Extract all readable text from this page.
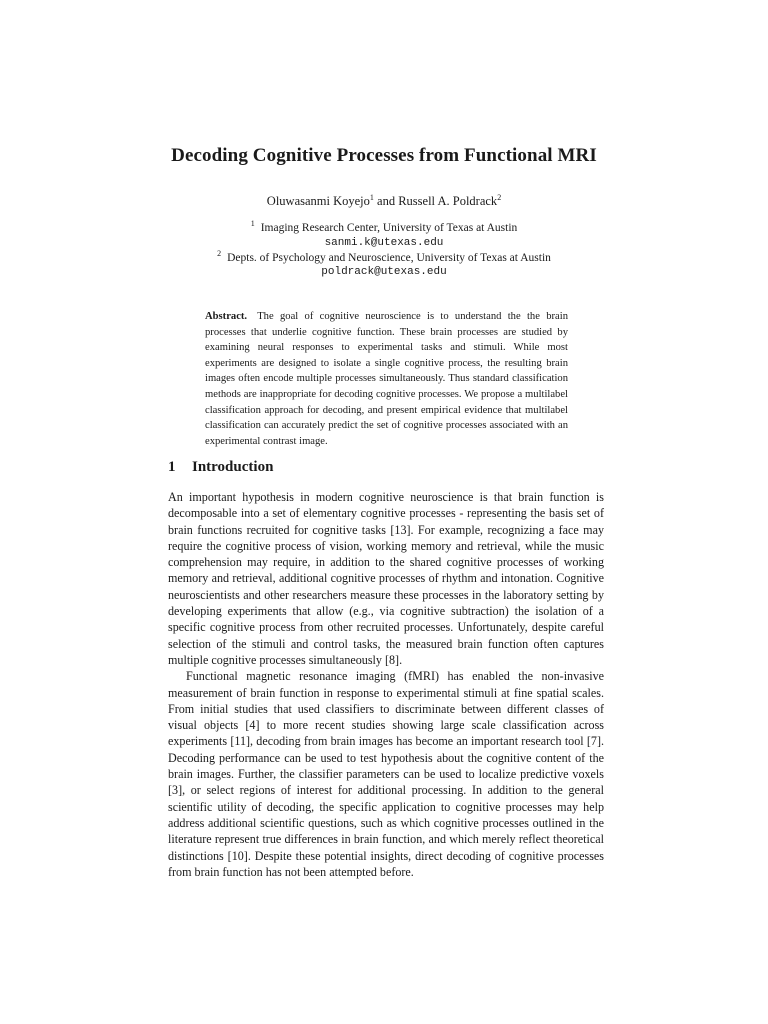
Decoding Cognitive Processes from Functional MRI
Oluwasanmi Koyejo$^1$ and Russell A. Poldrack$^2$
$^1$ Imaging Research Center, University of Texas at Austin
sanmi.k@utexas.edu
$^2$ Depts. of Psychology and Neuroscience, University of Texas at Austin
poldrack@utexas.edu
Abstract. The goal of cognitive neuroscience is to understand the the brain processes that underlie cognitive function. These brain processes are studied by examining neural responses to experimental tasks and stimuli. While most experiments are designed to isolate a single cognitive process, the resulting brain images often encode multiple processes simultaneously. Thus standard classification methods are inappropriate for decoding cognitive processes. We propose a multilabel classification approach for decoding, and present empirical evidence that multilabel classification can accurately predict the set of cognitive processes associated with an experimental contrast image.
1 Introduction

An important hypothesis in modern cognitive neuroscience is that brain function is decomposable into a set of elementary cognitive processes - representing the basis set of brain functions recruited for cognitive tasks [13]. For example, recognizing a face may require the cognitive process of vision, working memory and retrieval, while the music comprehension may require, in addition to the shared cognitive processes of working memory and retrieval, additional cognitive processes of rhythm and intonation. Cognitive neuroscientists and other researchers measure these processes in the laboratory setting by developing experiments that allow (e.g., via cognitive subtraction) the isolation of a specific cognitive process from other recruited processes. Unfortunately, despite careful selection of the stimuli and control tasks, the measured brain function often captures multiple cognitive processes simultaneously [8].

Functional magnetic resonance imaging (fMRI) has enabled the non-invasive measurement of brain function in response to experimental stimuli at fine spatial scales. From initial studies that used classifiers to discriminate between different classes of visual objects [4] to more recent studies showing large scale classification across experiments [11], decoding from brain images has become an important research tool [7]. Decoding performance can be used to test hypothesis about the cognitive content of the brain images. Further, the classifier parameters can be used to localize predictive voxels [3], or select regions of interest for additional processing. In addition to the general scientific utility of decoding, the specific application to cognitive processes may help address additional scientific questions, such as which cognitive processes outlined in the literature represent true differences in brain function, and which merely reflect theoretical distinctions [10]. Despite these potential insights, direct decoding of cognitive processes from brain function has not been attempted before.
